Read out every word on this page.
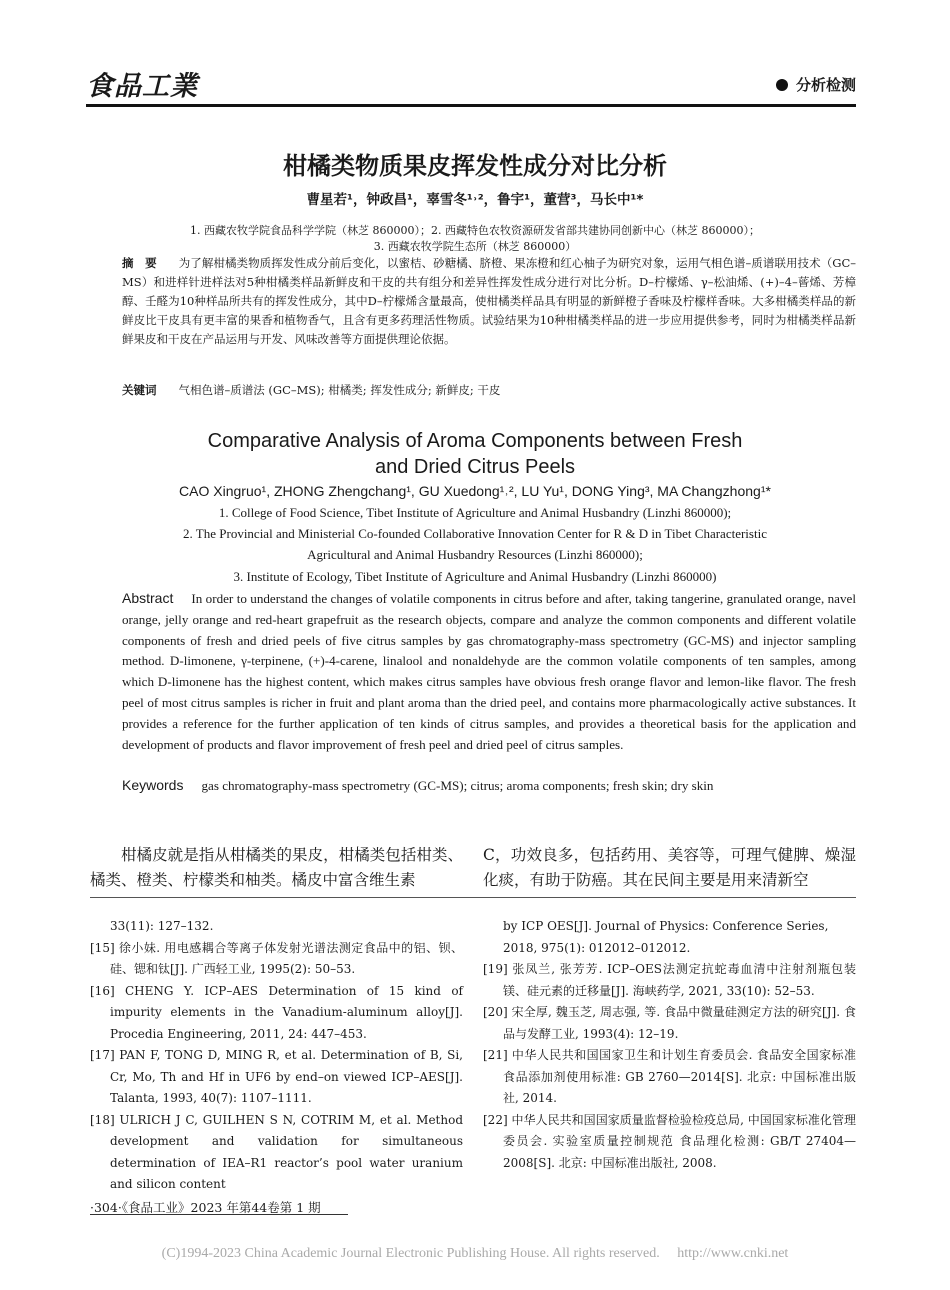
食品工業	分析检测
柑橘类物质果皮挥发性成分对比分析
曹星若¹，钟政昌¹，辜雪冬¹˒²，鲁宇¹，董营³，马长中¹*
1. 西藏农牧学院食品科学学院（林芝 860000）；2. 西藏特色农牧资源研发省部共建协同创新中心（林芝 860000）；
3. 西藏农牧学院生态所（林芝 860000）
摘　要 为了解柑橘类物质挥发性成分前后变化，以蜜桔、砂糖橘、脐橙、果冻橙和红心柚子为研究对象，运用气相色谱–质谱联用技术（GC–MS）和进样针进样法对5种柑橘类样品新鲜皮和干皮的共有组分和差异性挥发性成分进行对比分析。D–柠檬烯、γ–松油烯、(+)–4–蒈烯、芳樟醇、壬醛为10种样品所共有的挥发性成分，其中D–柠檬烯含量最高，使柑橘类样品具有明显的新鲜橙子香味及柠檬样香味。大多柑橘类样品的新鲜皮比干皮具有更丰富的果香和植物香气，且含有更多药理活性物质。试验结果为10种柑橘类样品的进一步应用提供参考，同时为柑橘类样品新鲜果皮和干皮在产品运用与开发、风味改善等方面提供理论依据。
关键词 气相色谱–质谱法 (GC–MS); 柑橘类; 挥发性成分; 新鲜皮; 干皮
Comparative Analysis of Aroma Components between Fresh
and Dried Citrus Peels
CAO Xingruo¹, ZHONG Zhengchang¹, GU Xuedong¹˒², LU Yu¹, DONG Ying³, MA Changzhong¹*
1. College of Food Science, Tibet Institute of Agriculture and Animal Husbandry (Linzhi 860000);
2. The Provincial and Ministerial Co-founded Collaborative Innovation Center for R & D in Tibet Characteristic
Agricultural and Animal Husbandry Resources (Linzhi 860000);
3. Institute of Ecology, Tibet Institute of Agriculture and Animal Husbandry (Linzhi 860000)
Abstract In order to understand the changes of volatile components in citrus before and after, taking tangerine, granulated orange, navel orange, jelly orange and red-heart grapefruit as the research objects, compare and analyze the common components and different volatile components of fresh and dried peels of five citrus samples by gas chromatography-mass spectrometry (GC-MS) and injector sampling method. D-limonene, γ-terpinene, (+)-4-carene, linalool and nonaldehyde are the common volatile components of ten samples, among which D-limonene has the highest content, which makes citrus samples have obvious fresh orange flavor and lemon-like flavor. The fresh peel of most citrus samples is richer in fruit and plant aroma than the dried peel, and contains more pharmacologically active substances. It provides a reference for the further application of ten kinds of citrus samples, and provides a theoretical basis for the application and development of products and flavor improvement of fresh peel and dried peel of citrus samples.
Keywords gas chromatography-mass spectrometry (GC-MS); citrus; aroma components; fresh skin; dry skin
柑橘皮就是指从柑橘类的果皮，柑橘类包括柑类、橘类、橙类、柠檬类和柚类。橘皮中富含维生素
C，功效良多，包括药用、美容等，可理气健脾、燥湿化痰，有助于防癌。其在民间主要是用来清新空

33(11): 127–132.

[15] 徐小妹. 用电感耦合等离子体发射光谱法测定食品中的铝、钡、硅、锶和钛[J]. 广西轻工业, 1995(2): 50–53.

[16] CHENG Y. ICP–AES Determination of 15 kind of impurity elements in the Vanadium-aluminum alloy[J]. Procedia Engineering, 2011, 24: 447–453.

[17] PAN F, TONG D, MING R, et al. Determination of B, Si, Cr, Mo, Th and Hf in UF6 by end–on viewed ICP–AES[J]. Talanta, 1993, 40(7): 1107–1111.

[18] ULRICH J C, GUILHEN S N, COTRIM M, et al. Method development and validation for simultaneous determination of IEA–R1 reactor’s pool water uranium and silicon content

by ICP OES[J]. Journal of Physics: Conference Series, 2018, 975(1): 012012–012012.

[19] 张凤兰, 张芳芳. ICP–OES法测定抗蛇毒血清中注射剂瓶包装镁、硅元素的迁移量[J]. 海峡药学, 2021, 33(10): 52–53.

[20] 宋全厚, 魏玉芝, 周志强, 等. 食品中微量硅测定方法的研究[J]. 食品与发酵工业, 1993(4): 12–19.

[21] 中华人民共和国国家卫生和计划生育委员会. 食品安全国家标准 食品添加剂使用标准: GB 2760—2014[S]. 北京: 中国标准出版社, 2014.

[22] 中华人民共和国国家质量监督检验检疫总局, 中国国家标准化管理委员会. 实验室质量控制规范 食品理化检测: GB/T 27404—2008[S]. 北京: 中国标准出版社, 2008.

·304·《食品工业》2023 年第44卷第 1 期
(C)1994-2023 China Academic Journal Electronic Publishing House. All rights reserved.　 http://www.cnki.net
